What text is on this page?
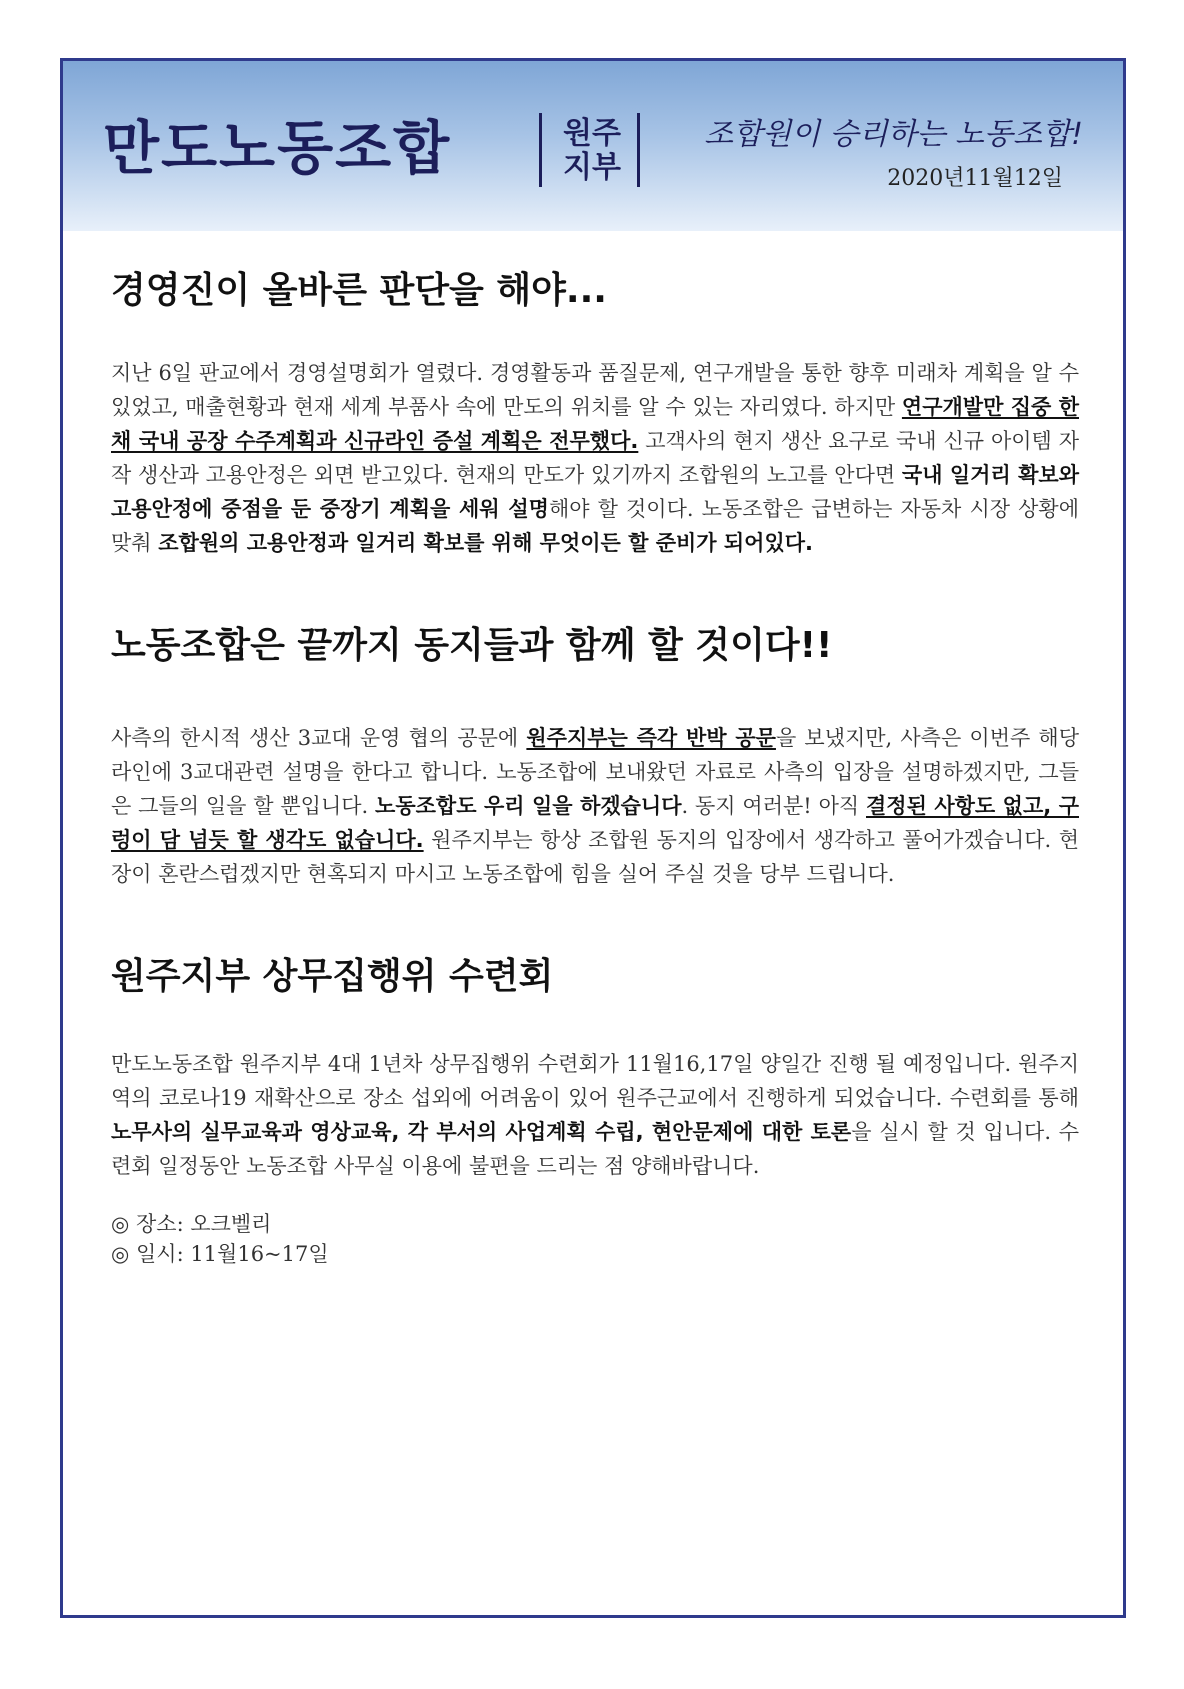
만도노동조합	원주
지부
조합원이 승리하는 노동조합!
2020년11월12일
경영진이 올바른 판단을 해야...

지난 6일 판교에서 경영설명회가 열렸다. 경영활동과 품질문제, 연구개발을 통한 향후 미래차 계획을 알 수 있었고, 매출현황과 현재 세계 부품사 속에 만도의 위치를 알 수 있는 자리였다. 하지만 연구개발만 집중 한 채 국내 공장 수주계획과 신규라인 증설 계획은 전무했다. 고객사의 현지 생산 요구로 국내 신규 아이템 자작 생산과 고용안정은 외면 받고있다. 현재의 만도가 있기까지 조합원의 노고를 안다면 국내 일거리 확보와 고용안정에 중점을 둔 중장기 계획을 세워 설명해야 할 것이다. 노동조합은 급변하는 자동차 시장 상황에 맞춰 조합원의 고용안정과 일거리 확보를 위해 무엇이든 할 준비가 되어있다.

노동조합은 끝까지 동지들과 함께 할 것이다!!

사측의 한시적 생산 3교대 운영 협의 공문에 원주지부는 즉각 반박 공문을 보냈지만, 사측은 이번주 해당 라인에 3교대관련 설명을 한다고 합니다. 노동조합에 보내왔던 자료로 사측의 입장을 설명하겠지만, 그들은 그들의 일을 할 뿐입니다. 노동조합도 우리 일을 하겠습니다. 동지 여러분! 아직 결정된 사항도 없고, 구렁이 담 넘듯 할 생각도 없습니다. 원주지부는 항상 조합원 동지의 입장에서 생각하고 풀어가겠습니다. 현장이 혼란스럽겠지만 현혹되지 마시고 노동조합에 힘을 실어 주실 것을 당부 드립니다.

원주지부 상무집행위 수련회

만도노동조합 원주지부 4대 1년차 상무집행위 수련회가 11월16,17일 양일간 진행 될 예정입니다. 원주지역의 코로나19 재확산으로 장소 섭외에 어려움이 있어 원주근교에서 진행하게 되었습니다. 수련회를 통해 노무사의 실무교육과 영상교육, 각 부서의 사업계획 수립, 현안문제에 대한 토론을 실시 할 것 입니다. 수련회 일정동안 노동조합 사무실 이용에 불편을 드리는 점 양해바랍니다.

◎ 장소: 오크벨리
◎ 일시: 11월16~17일
